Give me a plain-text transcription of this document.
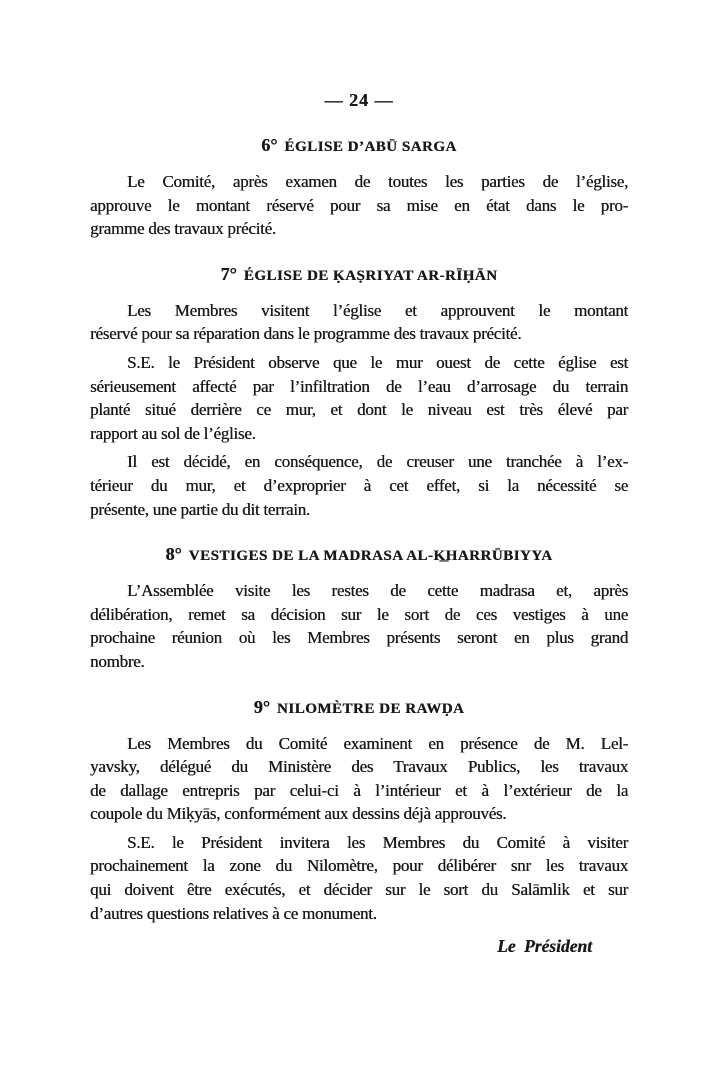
— 24 —
6° ÉGLISE D’ABŪ SARGA
Le Comité, après examen de toutes les parties de l’église,
approuve le montant réservé pour sa mise en état dans le pro-
gramme des travaux précité.
7° ÉGLISE DE ḲAṢRIYAT AR-RĪḤĀN
Les Membres visitent l’église et approuvent le montant
réservé pour sa réparation dans le programme des travaux précité.
S.E. le Président observe que le mur ouest de cette église est
sérieusement affecté par l’infiltration de l’eau d’arrosage du terrain
planté situé derrière ce mur, et dont le niveau est très élevé par
rapport au sol de l’église.
Il est décidé, en conséquence, de creuser une tranchée à l’ex-
térieur du mur, et d’exproprier à cet effet, si la nécessité se
présente, une partie du dit terrain.
8° VESTIGES DE LA MADRASA AL-K͟HARRŪBIYYA
L’Assemblée visite les restes de cette madrasa et, après
délibération, remet sa décision sur le sort de ces vestiges à une
prochaine réunion où les Membres présents seront en plus grand
nombre.
9° NILOMÈTRE DE RAWḌA
Les Membres du Comité examinent en présence de M. Lel-
yavsky, délégué du Ministère des Travaux Publics, les travaux
de dallage entrepris par celui-ci à l’intérieur et à l’extérieur de la
coupole du Miḳyās, conformément aux dessins déjà approuvés.
S.E. le Président invitera les Membres du Comité à visiter
prochainement la zone du Nilomètre, pour délibérer snr les travaux
qui doivent être exécutés, et décider sur le sort du Salāmlik et sur
d’autres questions relatives à ce monument.
Le Président
